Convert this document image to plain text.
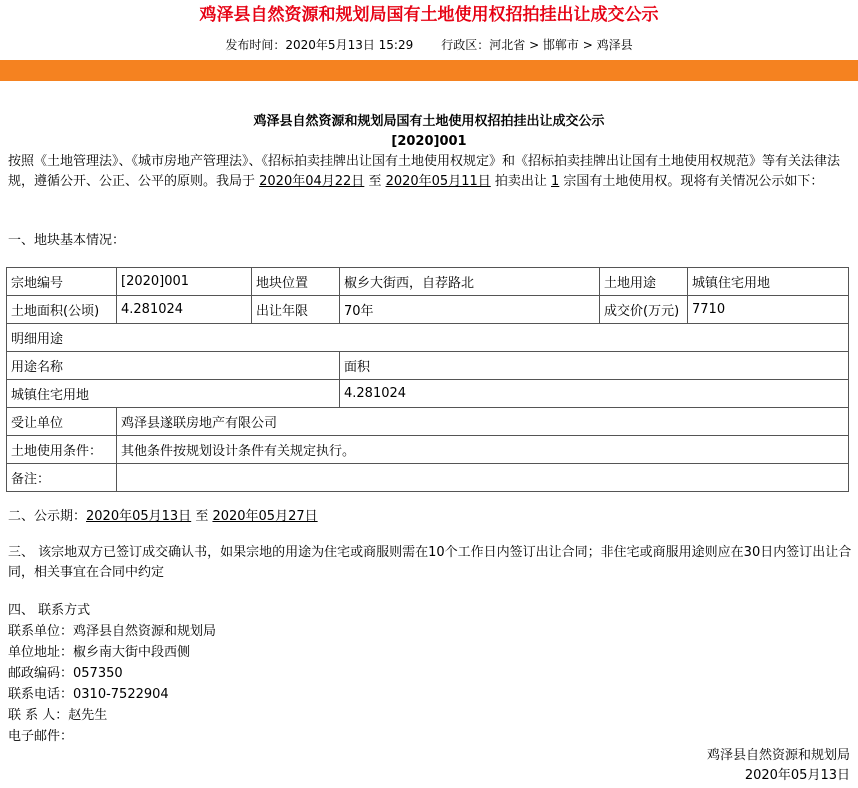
鸡泽县自然资源和规划局国有土地使用权招拍挂出让成交公示
发布时间：2020年5月13日 15:29 行政区：河北省 > 邯郸市 > 鸡泽县
鸡泽县自然资源和规划局国有土地使用权招拍挂出让成交公示
[2020]001
按照《土地管理法》、《城市房地产管理法》、《招标拍卖挂牌出让国有土地使用权规定》和《招标拍卖挂牌出让国有土地使用权规范》等有关法律法规，遵循公开、公正、公平的原则。我局于 2020年04月22日 至 2020年05月11日 拍卖出让 1 宗国有土地使用权。现将有关情况公示如下：
一、地块基本情况：
宗地编号	[2020]001	地块位置	椒乡大街西，自荐路北	土地用途	城镇住宅用地
土地面积(公顷)	4.281024	出让年限	70年	成交价(万元)	7710
明细用途					
用途名称			面积		
城镇住宅用地			4.281024		
受让单位	鸡泽县遂联房地产有限公司				
土地使用条件：	其他条件按规划设计条件有关规定执行。				
备注：					
二、公示期：2020年05月13日 至 2020年05月27日
三、 该宗地双方已签订成交确认书，如果宗地的用途为住宅或商服则需在10个工作日内签订出让合同；非住宅或商服用途则应在30日内签订出让合同，相关事宜在合同中约定
四、 联系方式
联系单位：鸡泽县自然资源和规划局
单位地址：椒乡南大街中段西侧
邮政编码：057350
联系电话：0310-7522904
联 系 人：赵先生
电子邮件：
鸡泽县自然资源和规划局
2020年05月13日
